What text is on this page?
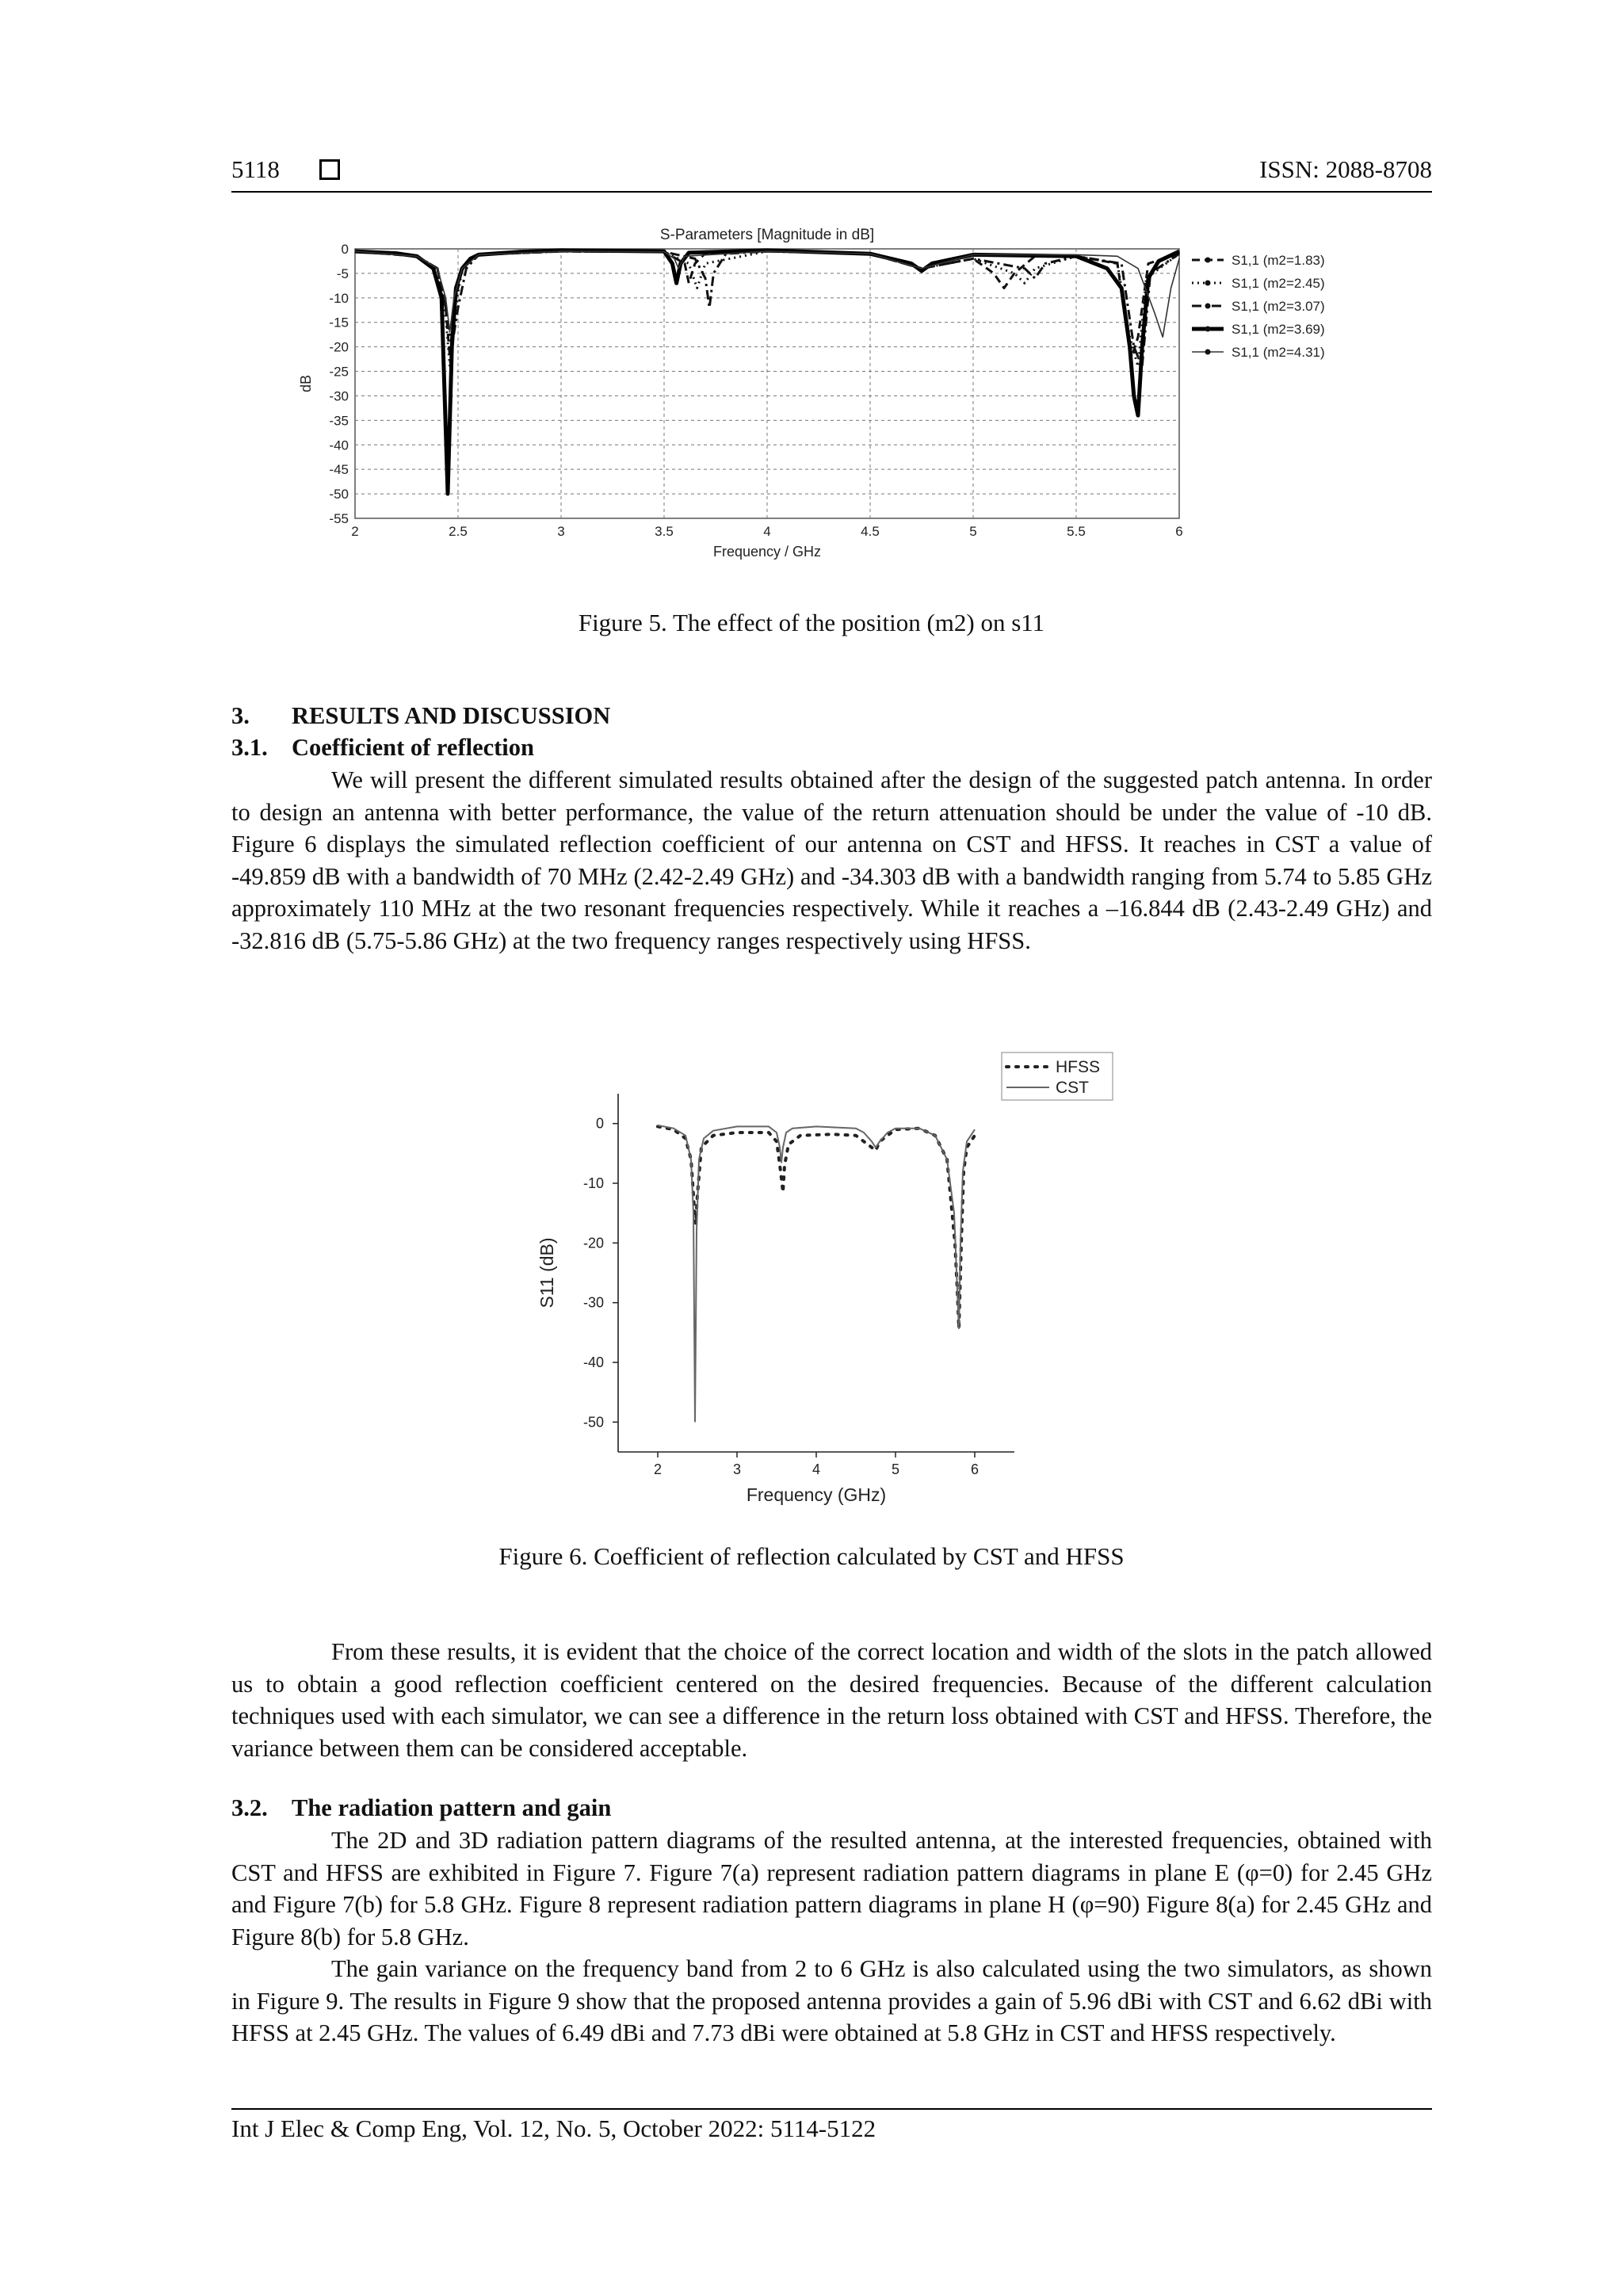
5118	ISSN: 2088-8708
S-Parameters [Magnitude in dB]
2	2.5	3	3.5	4	4.5	5	5.5	6
0
-5
-10
-15
-20
-25
-30
-35
-40
-45
-50
-55
Frequency / GHz
dB
S1,1 (m2=1.83)
S1,1 (m2=2.45)
S1,1 (m2=3.07)
S1,1 (m2=3.69)
S1,1 (m2=4.31)
Figure 5. The effect of the position (m2) on s11
3. RESULTS AND DISCUSSION
3.1. Coefficient of reflection

We will present the different simulated results obtained after the design of the suggested patch antenna. In order to design an antenna with better performance, the value of the return attenuation should be under the value of -10 dB. Figure 6 displays the simulated reflection coefficient of our antenna on CST and HFSS. It reaches in CST a value of -49.859 dB with a bandwidth of 70 MHz (2.42-2.49 GHz) and -34.303 dB with a bandwidth ranging from 5.74 to 5.85 GHz approximately 110 MHz at the two resonant frequencies respectively. While it reaches a –16.844 dB (2.43-2.49 GHz) and -32.816 dB (5.75-5.86 GHz) at the two frequency ranges respectively using HFSS.

2	3	4	5	6
0
-10
-20
-30
-40
-50
Frequency (GHz)
S11 (dB)
HFSS
CST
Figure 6. Coefficient of reflection calculated by CST and HFSS

From these results, it is evident that the choice of the correct location and width of the slots in the patch allowed us to obtain a good reflection coefficient centered on the desired frequencies. Because of the different calculation techniques used with each simulator, we can see a difference in the return loss obtained with CST and HFSS. Therefore, the variance between them can be considered acceptable.

3.2. The radiation pattern and gain

The 2D and 3D radiation pattern diagrams of the resulted antenna, at the interested frequencies, obtained with CST and HFSS are exhibited in Figure 7. Figure 7(a) represent radiation pattern diagrams in plane E (φ=0) for 2.45 GHz and Figure 7(b) for 5.8 GHz. Figure 8 represent radiation pattern diagrams in plane H (φ=90) Figure 8(a) for 2.45 GHz and Figure 8(b) for 5.8 GHz.

The gain variance on the frequency band from 2 to 6 GHz is also calculated using the two simulators, as shown in Figure 9. The results in Figure 9 show that the proposed antenna provides a gain of 5.96 dBi with CST and 6.62 dBi with HFSS at 2.45 GHz. The values of 6.49 dBi and 7.73 dBi were obtained at 5.8 GHz in CST and HFSS respectively.

Int J Elec & Comp Eng, Vol. 12, No. 5, October 2022: 5114-5122
